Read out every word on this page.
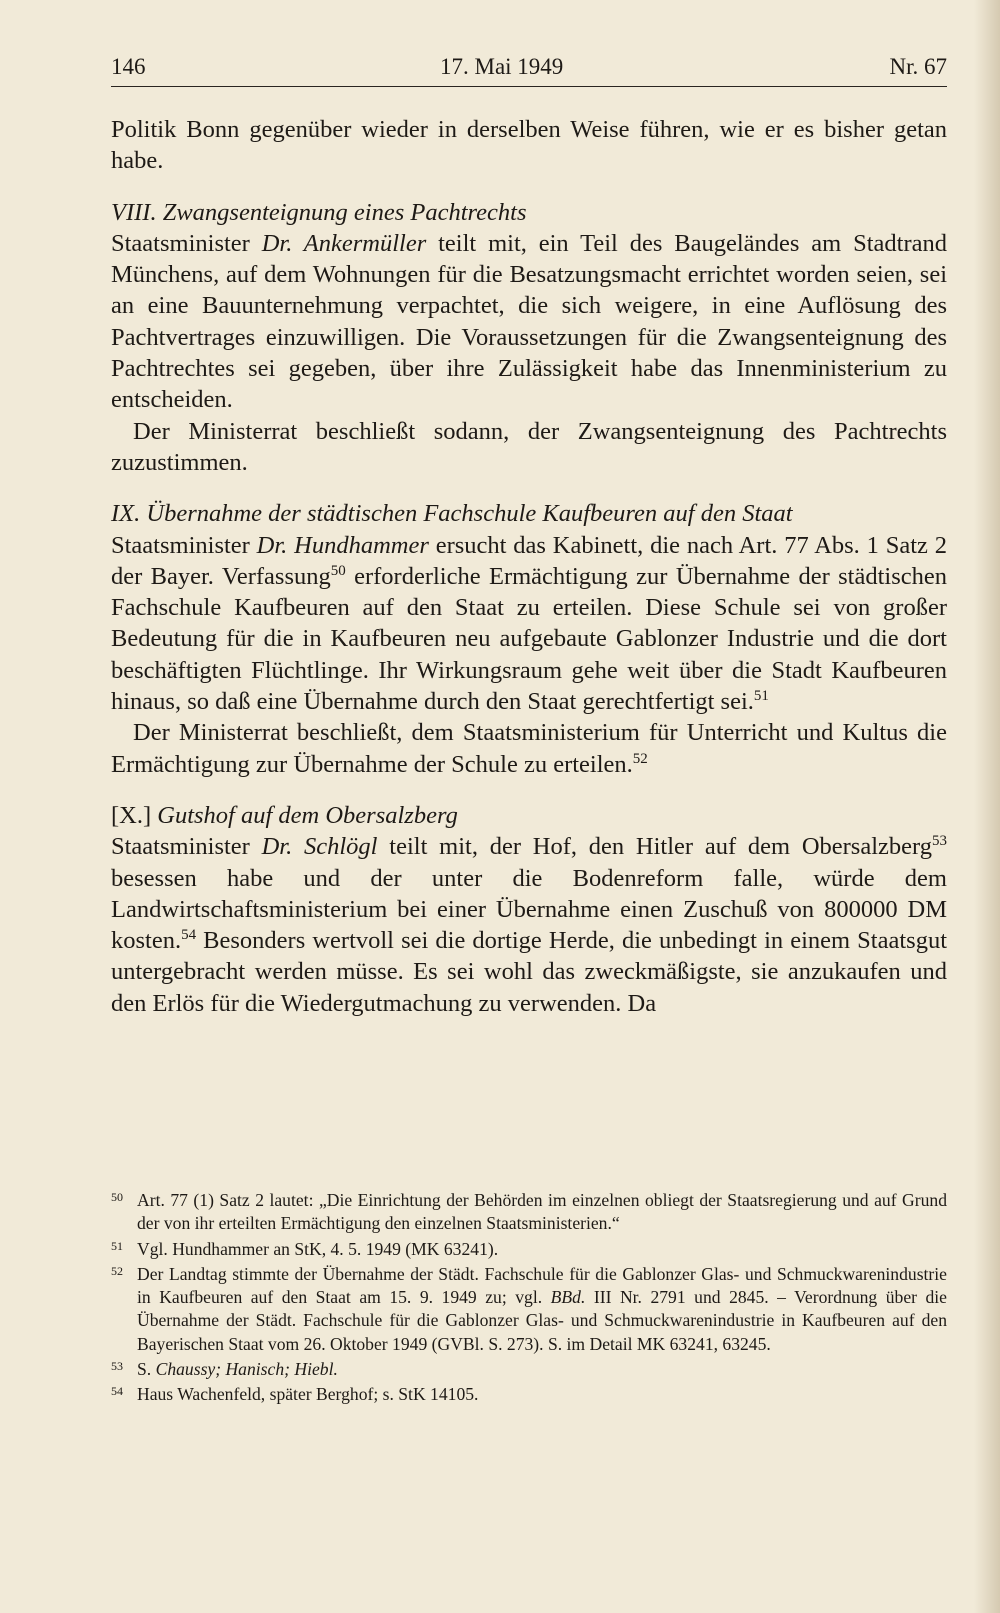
146	17. Mai 1949	Nr. 67

Politik Bonn gegenüber wieder in derselben Weise führen, wie er es bisher getan habe.

VIII. Zwangsenteignung eines Pachtrechts

Staatsminister Dr. Ankermüller teilt mit, ein Teil des Baugeländes am Stadtrand Münchens, auf dem Wohnungen für die Besatzungsmacht errichtet worden seien, sei an eine Bauunternehmung verpachtet, die sich weigere, in eine Auflösung des Pachtvertrages einzuwilligen. Die Voraussetzungen für die Zwangsenteignung des Pachtrechtes sei gegeben, über ihre Zulässigkeit habe das Innenministerium zu entscheiden.

Der Ministerrat beschließt sodann, der Zwangsenteignung des Pachtrechts zuzustimmen.

IX. Übernahme der städtischen Fachschule Kaufbeuren auf den Staat

Staatsminister Dr. Hundhammer ersucht das Kabinett, die nach Art. 77 Abs. 1 Satz 2 der Bayer. Verfassung$^{50}$ erforderliche Ermächtigung zur Übernahme der städtischen Fachschule Kaufbeuren auf den Staat zu erteilen. Diese Schule sei von großer Bedeutung für die in Kaufbeuren neu aufgebaute Gablonzer Industrie und die dort beschäftigten Flüchtlinge. Ihr Wirkungsraum gehe weit über die Stadt Kaufbeuren hinaus, so daß eine Übernahme durch den Staat gerechtfertigt sei.$^{51}$

Der Ministerrat beschließt, dem Staatsministerium für Unterricht und Kultus die Ermächtigung zur Übernahme der Schule zu erteilen.$^{52}$

[X.] Gutshof auf dem Obersalzberg

Staatsminister Dr. Schlögl teilt mit, der Hof, den Hitler auf dem Obersalzberg$^{53}$ besessen habe und der unter die Bodenreform falle, würde dem Landwirtschaftsministerium bei einer Übernahme einen Zuschuß von 800000 DM kosten.$^{54}$ Besonders wertvoll sei die dortige Herde, die unbedingt in einem Staatsgut untergebracht werden müsse. Es sei wohl das zweckmäßigste, sie anzukaufen und den Erlös für die Wiedergutmachung zu verwenden. Da

50 Art. 77 (1) Satz 2 lautet: „Die Einrichtung der Behörden im einzelnen obliegt der Staatsregierung und auf Grund der von ihr erteilten Ermächtigung den einzelnen Staatsministerien.“
51 Vgl. Hundhammer an StK, 4. 5. 1949 (MK 63241).
52 Der Landtag stimmte der Übernahme der Städt. Fachschule für die Gablonzer Glas- und Schmuckwarenindustrie in Kaufbeuren auf den Staat am 15. 9. 1949 zu; vgl. BBd. III Nr. 2791 und 2845. – Verordnung über die Übernahme der Städt. Fachschule für die Gablonzer Glas- und Schmuckwarenindustrie in Kaufbeuren auf den Bayerischen Staat vom 26. Oktober 1949 (GVBl. S. 273). S. im Detail MK 63241, 63245.
53 S. Chaussy; Hanisch; Hiebl.
54 Haus Wachenfeld, später Berghof; s. StK 14105.
